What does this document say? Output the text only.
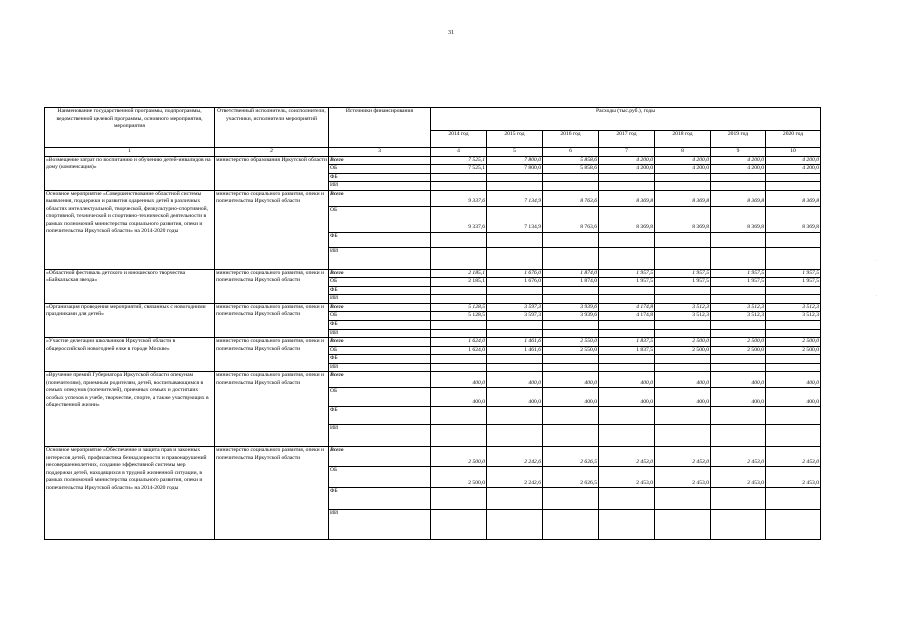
31
Наименование государственной программы, подпрограммы, ведомственной целевой программы, основного мероприятия, мероприятия	Ответственный исполнитель, соисполнители, участники, исполнители мероприятий	Источники финансирования	Расходы (тыс.руб.), годы						
			2014 год	2015 год	2016 год	2017 год	2018 год	2019 год	2020 год
1	2	3	4	5	6	7	8	9	10
«Возмещение затрат по воспитанию и обучению детей-инвалидов на дому (компенсация)»	министерство образования Иркутской области	Всего	7 525,1	7 800,0	5 858,6	4 200,0	4 200,0	4 200,0	4 200,0
		ОБ	7 525,1	7 800,0	5 858,6	4 200,0	4 200,0	4 200,0	4 200,0
		ФБ							
		ИИ							
Основное мероприятие «Совершенствование областной системы выявления, поддержки и развития одаренных детей в различных областях интеллектуальной, творческой, физкультурно-спортивной, спортивной, технической и спортивно-технической деятельности в рамках полномочий министерства социального развития, опеки и попечительства Иркутской области» на 2014-2020 годы	министерство социального развития, опеки и попечительства Иркутской области	Всего	9 337,6	7 134,9	8 763,6	8 369,8	8 369,8	8 369,8	8 369,8
		ОБ	9 337,6	7 134,9	8 763,6	8 369,8	8 369,8	8 369,8	8 369,8
		ФБ							
		ИИ							
«Областной фестиваль детского и юношеского творчества «Байкальская звезда»	министерство социального развития, опеки и попечительства Иркутской области	Всего	2 185,1	1 676,0	1 874,0	1 957,5	1 957,5	1 957,5	1 957,5
		ОБ	2 185,1	1 676,0	1 874,0	1 957,5	1 957,5	1 957,5	1 957,5
		ФБ							
		ИИ							
«Организация проведения мероприятий, связанных с новогодними праздниками для детей»	министерство социального развития, опеки и попечительства Иркутской области	Всего	5 128,5	3 597,3	3 939,6	4 174,8	3 512,3	3 512,3	3 512,3
		ОБ	5 128,5	3 597,3	3 939,6	4 174,8	3 512,3	3 512,3	3 512,3
		ФБ							
		ИИ							
«Участие делегации школьников Иркутской области в общероссийской новогодней елке в городе Москве»	министерство социального развития, опеки и попечительства Иркутской области	Всего	1 624,0	1 461,6	2 550,0	1 837,5	2 500,0	2 500,0	2 500,0
		ОБ	1 624,0	1 461,6	2 550,0	1 837,5	2 500,0	2 500,0	2 500,0
		ФБ							
		ИИ							
«Вручение премий Губернатора Иркутской области опекунам (попечителям), приемным родителям, детей, воспитывающимся в семьях опекунов (попечителей), приемных семьях и достигших особых успехов в учебе, творчестве, спорте, а также участвующих в общественной жизни»	министерство социального развития, опеки и попечительства Иркутской области	Всего	400,0	400,0	400,0	400,0	400,0	400,0	400,0
		ОБ	400,0	400,0	400,0	400,0	400,0	400,0	400,0
		ФБ							
		ИИ							
Основное мероприятие «Обеспечение и защита прав и законных интересов детей, профилактика безнадзорности и правонарушений несовершеннолетних, создание эффективной системы мер поддержки детей, находящихся в трудной жизненной ситуации, в рамках полномочий министерства социального развития, опеки и попечительства Иркутской области» на 2014-2020 годы	министерство социального развития, опеки и попечительства Иркутской области	Всего	2 500,0	2 242,6	2 626,5	2 453,0	2 453,0	2 453,0	2 453,0
		ОБ	2 500,0	2 242,6	2 626,5	2 453,0	2 453,0	2 453,0	2 453,0
		ФБ							
		ИИ							
·
·
